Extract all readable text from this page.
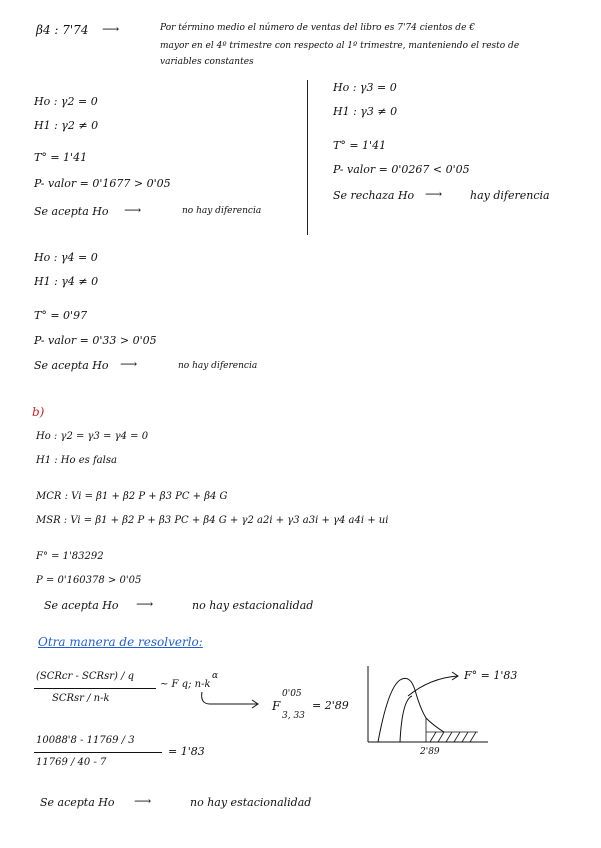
β4 : 7'74 ⟶	Por término medio el número de ventas del libro es 7'74 cientos de €
mayor en el 4º trimestre con respecto al 1º trimestre, manteniendo el resto de
variables constantes
Ho : γ2 = 0
H1 : γ2 ≠ 0
T° = 1'41
P- valor = 0'1677 > 0'05
Se acepta Ho ⟶	no hay diferencia
Ho : γ3 = 0
H1 : γ3 ≠ 0
T° = 1'41
P- valor = 0'0267 < 0'05
Se rechaza Ho ⟶	hay diferencia
Ho : γ4 = 0
H1 : γ4 ≠ 0
T° = 0'97
P- valor = 0'33 > 0'05
Se acepta Ho ⟶	no hay diferencia
b)
Ho : γ2 = γ3 = γ4 = 0
H1 : Ho es falsa
MCR : Vi = β1 + β2 P + β3 PC + β4 G
MSR : Vi = β1 + β2 P + β3 PC + β4 G + γ2 a2i + γ3 a3i + γ4 a4i + ui
F° = 1'83292
P = 0'160378 > 0'05
Se acepta Ho ⟶	no hay estacionalidad
Otra manera de resolverlo:
(SCRcr - SCRsr) / q
SCRsr / n-k
~ F q; n-k
α
F
0'05
3, 33
= 2'89
10088'8 - 11769 / 3
11769 / 40 - 7
= 1'83
F° = 1'83
2'89
Se acepta Ho ⟶	no hay estacionalidad
